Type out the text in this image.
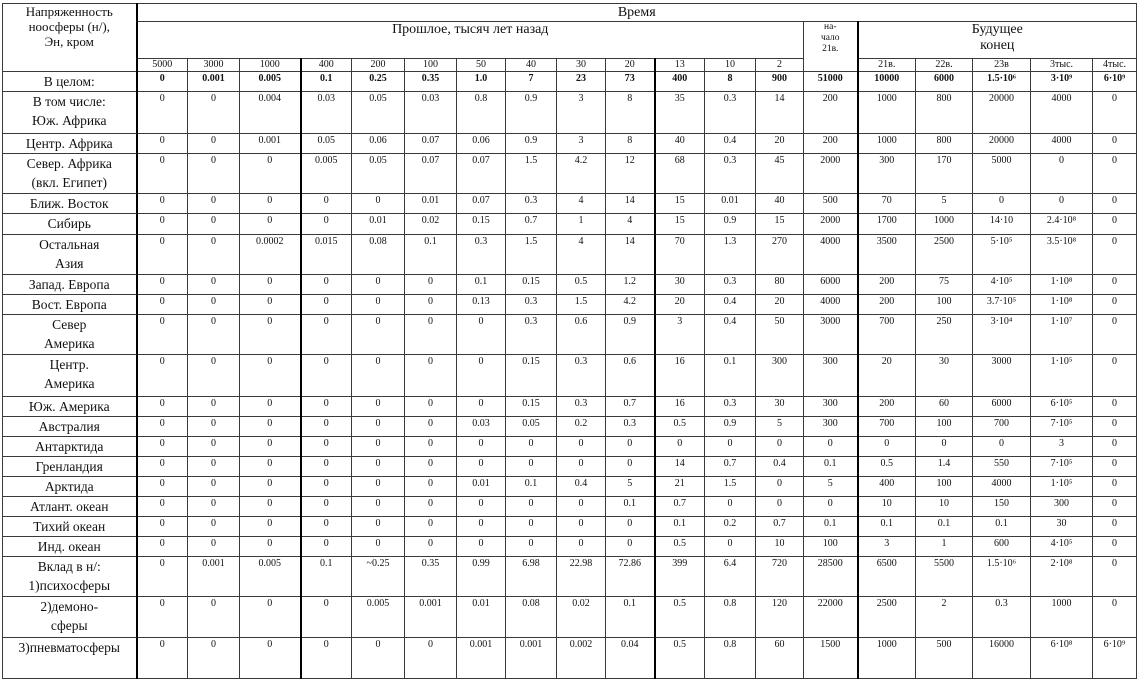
Напряженность
ноосферы (н/),
Эн, кром	Время																		
	Прошлое, тысяч лет назад													на-
чало
21в.	Будущее
конец				
	5000	3000	1000	400	200	100	50	40	30	20	13	10	2		21в.	22в.	23в	3тыс.	4тыс.
В целом:	0	0.001	0.005	0.1	0.25	0.35	1.0	7	23	73	400	8	900	51000	10000	6000	1.5·10⁶	3·10⁹	6·10⁹
В том числе:
Юж. Африка	0	0	0.004	0.03	0.05	0.03	0.8	0.9	3	8	35	0.3	14	200	1000	800	20000	4000	0
Центр. Африка	0	0	0.001	0.05	0.06	0.07	0.06	0.9	3	8	40	0.4	20	200	1000	800	20000	4000	0
Север. Африка
(вкл. Египет)	0	0	0	0.005	0.05	0.07	0.07	1.5	4.2	12	68	0.3	45	2000	300	170	5000	0	0
Ближ. Восток	0	0	0	0	0	0.01	0.07	0.3	4	14	15	0.01	40	500	70	5	0	0	0
Сибирь	0	0	0	0	0.01	0.02	0.15	0.7	1	4	15	0.9	15	2000	1700	1000	14·10	2.4·10⁸	0
Остальная
Азия	0	0	0.0002	0.015	0.08	0.1	0.3	1.5	4	14	70	1.3	270	4000	3500	2500	5·10⁵	3.5·10⁸	0
Запад. Европа	0	0	0	0	0	0	0.1	0.15	0.5	1.2	30	0.3	80	6000	200	75	4·10⁵	1·10⁸	0
Вост. Европа	0	0	0	0	0	0	0.13	0.3	1.5	4.2	20	0.4	20	4000	200	100	3.7·10⁵	1·10⁸	0
Север
Америка	0	0	0	0	0	0	0	0.3	0.6	0.9	3	0.4	50	3000	700	250	3·10⁴	1·10⁷	0
Центр.
Америка	0	0	0	0	0	0	0	0.15	0.3	0.6	16	0.1	300	300	20	30	3000	1·10⁵	0
Юж. Америка	0	0	0	0	0	0	0	0.15	0.3	0.7	16	0.3	30	300	200	60	6000	6·10⁵	0
Австралия	0	0	0	0	0	0	0.03	0.05	0.2	0.3	0.5	0.9	5	300	700	100	700	7·10⁵	0
Антарктида	0	0	0	0	0	0	0	0	0	0	0	0	0	0	0	0	0	3	0
Гренландия	0	0	0	0	0	0	0	0	0	0	14	0.7	0.4	0.1	0.5	1.4	550	7·10⁵	0
Арктида	0	0	0	0	0	0	0.01	0.1	0.4	5	21	1.5	0	5	400	100	4000	1·10⁵	0
Атлант. океан	0	0	0	0	0	0	0	0	0	0.1	0.7	0	0	0	10	10	150	300	0
Тихий океан	0	0	0	0	0	0	0	0	0	0	0.1	0.2	0.7	0.1	0.1	0.1	0.1	30	0
Инд. океан	0	0	0	0	0	0	0	0	0	0	0.5	0	10	100	3	1	600	4·10⁵	0
Вклад в н/:
1)психосферы	0	0.001	0.005	0.1	~0.25	0.35	0.99	6.98	22.98	72.86	399	6.4	720	28500	6500	5500	1.5·10⁶	2·10⁸	0
2)демоно-
сферы	0	0	0	0	0.005	0.001	0.01	0.08	0.02	0.1	0.5	0.8	120	22000	2500	2	0.3	1000	0
3)пневматосферы	0	0	0	0	0	0	0.001	0.001	0.002	0.04	0.5	0.8	60	1500	1000	500	16000	6·10⁸	6·10⁹
